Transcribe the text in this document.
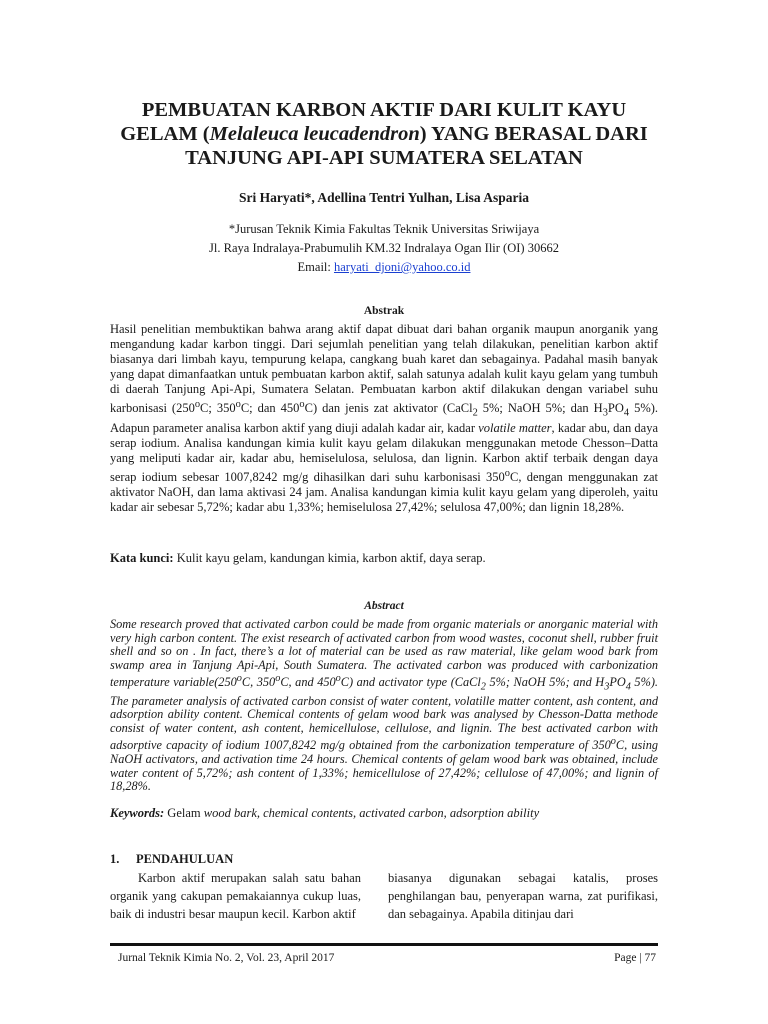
PEMBUATAN KARBON AKTIF DARI KULIT KAYU
GELAM (Melaleuca leucadendron) YANG BERASAL DARI
TANJUNG API-API SUMATERA SELATAN
Sri Haryati*, Adellina Tentri Yulhan, Lisa Asparia
*Jurusan Teknik Kimia Fakultas Teknik Universitas Sriwijaya
Jl. Raya Indralaya-Prabumulih KM.32 Indralaya Ogan Ilir (OI) 30662
Email: haryati_djoni@yahoo.co.id
Abstrak

Hasil penelitian membuktikan bahwa arang aktif dapat dibuat dari bahan organik maupun anorganik yang mengandung kadar karbon tinggi. Dari sejumlah penelitian yang telah dilakukan, penelitian karbon aktif biasanya dari limbah kayu, tempurung kelapa, cangkang buah karet dan sebagainya. Padahal masih banyak yang dapat dimanfaatkan untuk pembuatan karbon aktif, salah satunya adalah kulit kayu gelam yang tumbuh di daerah Tanjung Api-Api, Sumatera Selatan. Pembuatan karbon aktif dilakukan dengan variabel suhu karbonisasi (250$^o$C; 350$^o$C; dan 450$^o$C) dan jenis zat aktivator (CaCl$_2$ 5%; NaOH 5%; dan $H_3PO_4$ 5%). Adapun parameter analisa karbon aktif yang diuji adalah kadar air, kadar volatile matter, kadar abu, dan daya serap iodium. Analisa kandungan kimia kulit kayu gelam dilakukan menggunakan metode Chesson–Datta yang meliputi kadar air, kadar abu, hemiselulosa, selulosa, dan lignin. Karbon aktif terbaik dengan daya serap iodium sebesar 1007,8242 mg/g dihasilkan dari suhu karbonisasi 350$^o$C, dengan menggunakan zat aktivator NaOH, dan lama aktivasi 24 jam. Analisa kandungan kimia kulit kayu gelam yang diperoleh, yaitu kadar air sebesar 5,72%; kadar abu 1,33%; hemiselulosa 27,42%; selulosa 47,00%; dan lignin 18,28%.

Kata kunci: Kulit kayu gelam, kandungan kimia, karbon aktif, daya serap.
Abstract

Some research proved that activated carbon could be made from organic materials or anorganic material with very high carbon content. The exist research of activated carbon from wood wastes, coconut shell, rubber fruit shell and so on . In fact, there’s a lot of material can be used as raw material, like gelam wood bark from swamp area in Tanjung Api-Api, South Sumatera. The activated carbon was produced with carbonization temperature variable(250$^o$C, 350$^o$C, and 450$^o$C) and activator type (CaCl$_2$ 5%; NaOH 5%; and $H_3PO_4$ 5%). The parameter analysis of activated carbon consist of water content, volatille matter content, ash content, and adsorption ability content. Chemical contents of gelam wood bark was analysed by Chesson-Datta methode consist of water content, ash content, hemicellulose, cellulose, and lignin. The best activated carbon with adsorptive capacity of iodium 1007,8242 mg/g obtained from the carbonization temperature of 350$^o$C, using NaOH activators, and activation time 24 hours. Chemical contents of gelam wood bark was obtained, include water content of 5,72%; ash content of 1,33%; hemicellulose of 27,42%; cellulose of 47,00%; and lignin of 18,28%.

Keywords: Gelam wood bark, chemical contents, activated carbon, adsorption ability
1. PENDAHULUAN

Karbon aktif merupakan salah satu bahan organik yang cakupan pemakaiannya cukup luas, baik di industri besar maupun kecil. Karbon aktif

biasanya digunakan sebagai katalis, proses penghilangan bau, penyerapan warna, zat purifikasi, dan sebagainya. Apabila ditinjau dari

Jurnal Teknik Kimia No. 2, Vol. 23, April 2017	Page | 77
